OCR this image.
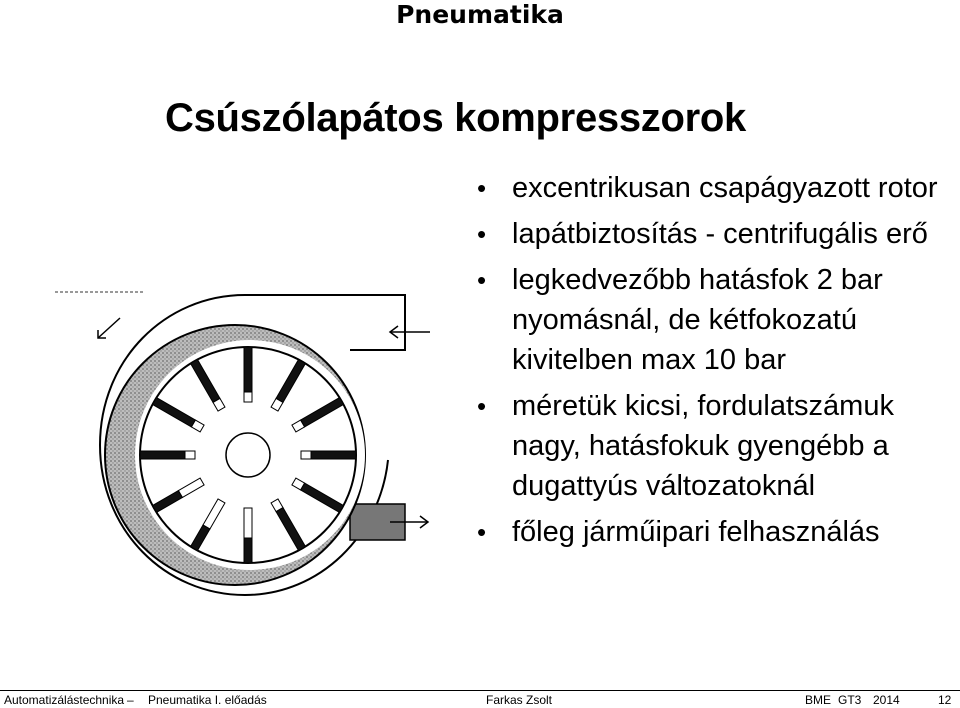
Pneumatika
Csúszólapátos kompresszorok
• excentrikusan csapágyazott rotor
• lapátbiztosítás - centrifugális erő
• legkedvezőbb hatásfok 2 bar nyomásnál, de kétfokozatú kivitelben max 10 bar
• méretük kicsi, fordulatszámuk nagy, hatásfokuk gyengébb a dugattyús változatoknál
• főleg járműipari felhasználás
Automatizálástechnika – Pneumatika I. előadás	Farkas Zsolt	BME GT3 2014	12
